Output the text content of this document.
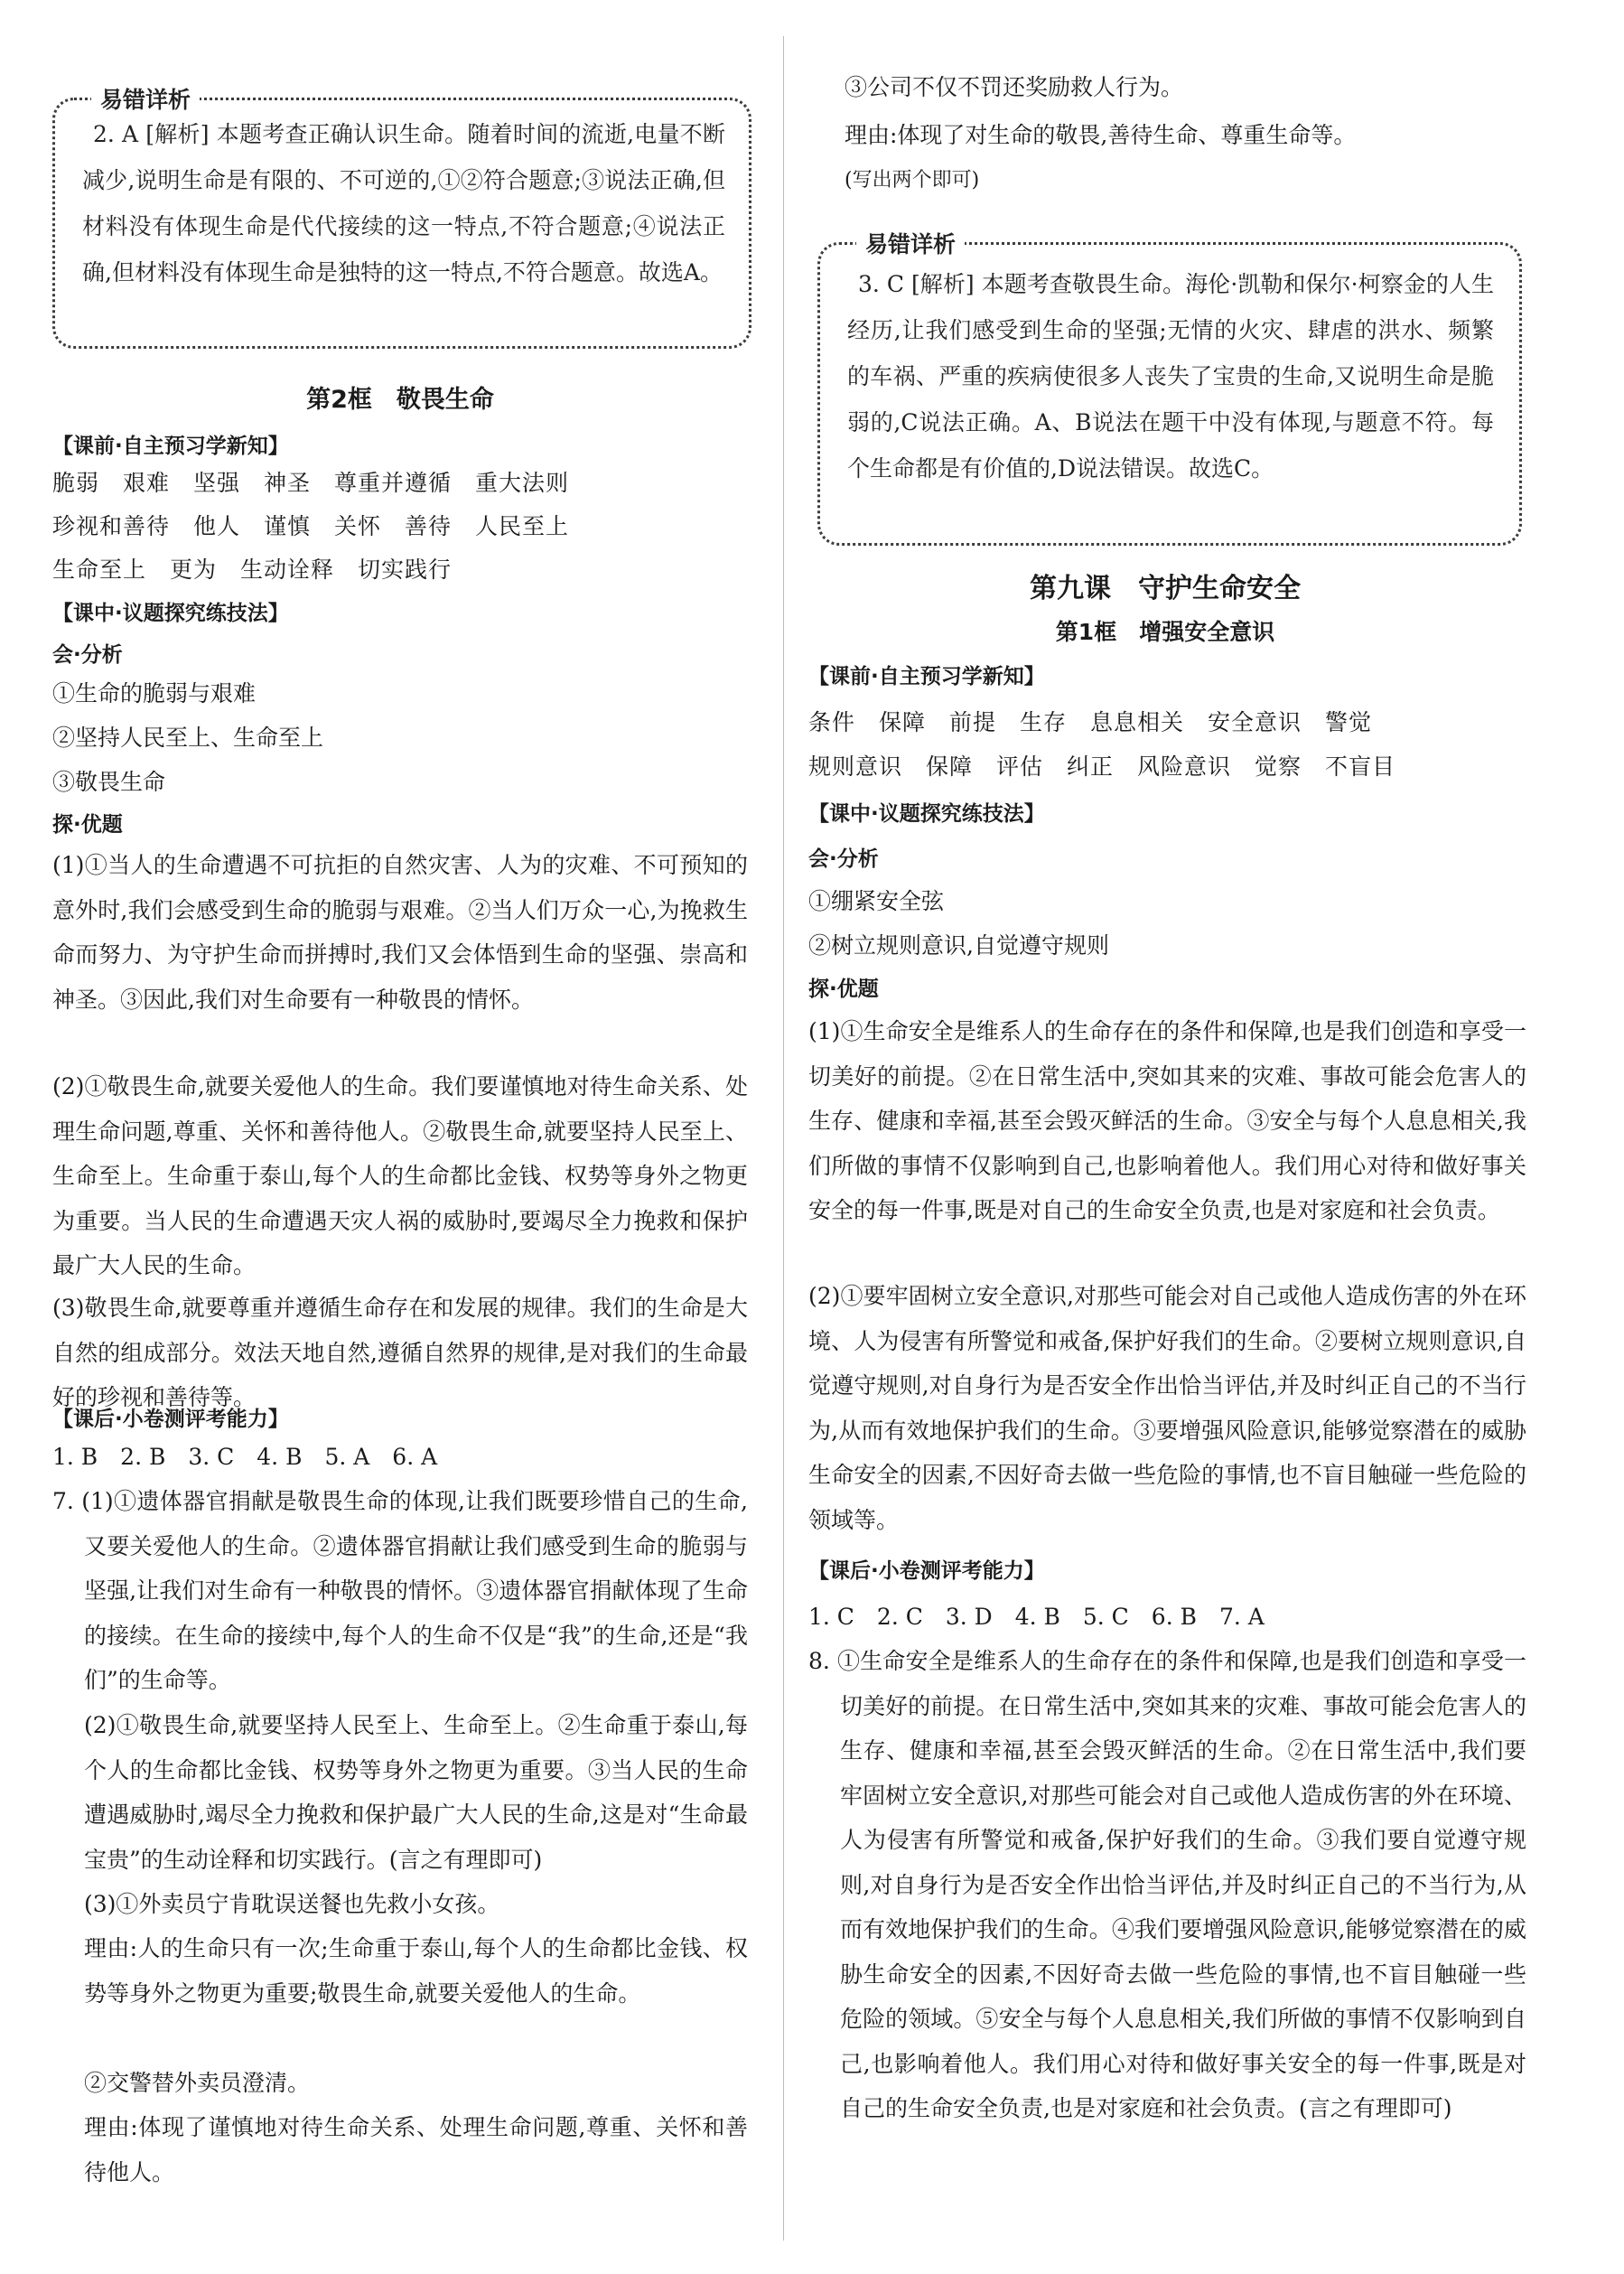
易错详析
2. A [解析] 本题考查正确认识生命。随着时间的流逝,电量不断减少,说明生命是有限的、不可逆的,①②符合题意;③说法正确,但材料没有体现生命是代代接续的这一特点,不符合题意;④说法正确,但材料没有体现生命是独特的这一特点,不符合题意。故选A。
第2框　敬畏生命
【课前·自主预习学新知】
脆弱　艰难　坚强　神圣　尊重并遵循　重大法则
珍视和善待　他人　谨慎　关怀　善待　人民至上
生命至上　更为　生动诠释　切实践行
【课中·议题探究练技法】
会·分析
①生命的脆弱与艰难
②坚持人民至上、生命至上
③敬畏生命
探·优题
(1)①当人的生命遭遇不可抗拒的自然灾害、人为的灾难、不可预知的意外时,我们会感受到生命的脆弱与艰难。②当人们万众一心,为挽救生命而努力、为守护生命而拼搏时,我们又会体悟到生命的坚强、崇高和神圣。③因此,我们对生命要有一种敬畏的情怀。
(2)①敬畏生命,就要关爱他人的生命。我们要谨慎地对待生命关系、处理生命问题,尊重、关怀和善待他人。②敬畏生命,就要坚持人民至上、生命至上。生命重于泰山,每个人的生命都比金钱、权势等身外之物更为重要。当人民的生命遭遇天灾人祸的威胁时,要竭尽全力挽救和保护最广大人民的生命。
(3)敬畏生命,就要尊重并遵循生命存在和发展的规律。我们的生命是大自然的组成部分。效法天地自然,遵循自然界的规律,是对我们的生命最好的珍视和善待等。
【课后·小卷测评考能力】
1. B　2. B　3. C　4. B　5. A　6. A
7. (1)①遗体器官捐献是敬畏生命的体现,让我们既要珍惜自己的生命,又要关爱他人的生命。②遗体器官捐献让我们感受到生命的脆弱与坚强,让我们对生命有一种敬畏的情怀。③遗体器官捐献体现了生命的接续。在生命的接续中,每个人的生命不仅是“我”的生命,还是“我们”的生命等。
(2)①敬畏生命,就要坚持人民至上、生命至上。②生命重于泰山,每个人的生命都比金钱、权势等身外之物更为重要。③当人民的生命遭遇威胁时,竭尽全力挽救和保护最广大人民的生命,这是对“生命最宝贵”的生动诠释和切实践行。(言之有理即可)
(3)①外卖员宁肯耽误送餐也先救小女孩。
理由:人的生命只有一次;生命重于泰山,每个人的生命都比金钱、权势等身外之物更为重要;敬畏生命,就要关爱他人的生命。
②交警替外卖员澄清。
理由:体现了谨慎地对待生命关系、处理生命问题,尊重、关怀和善待他人。
③公司不仅不罚还奖励救人行为。
理由:体现了对生命的敬畏,善待生命、尊重生命等。
(写出两个即可)
易错详析
3. C [解析] 本题考查敬畏生命。海伦·凯勒和保尔·柯察金的人生经历,让我们感受到生命的坚强;无情的火灾、肆虐的洪水、频繁的车祸、严重的疾病使很多人丧失了宝贵的生命,又说明生命是脆弱的,C说法正确。A、B说法在题干中没有体现,与题意不符。每个生命都是有价值的,D说法错误。故选C。
第九课　守护生命安全
第1框　增强安全意识
【课前·自主预习学新知】
条件　保障　前提　生存　息息相关　安全意识　警觉
规则意识　保障　评估　纠正　风险意识　觉察　不盲目
【课中·议题探究练技法】
会·分析
①绷紧安全弦
②树立规则意识,自觉遵守规则
探·优题
(1)①生命安全是维系人的生命存在的条件和保障,也是我们创造和享受一切美好的前提。②在日常生活中,突如其来的灾难、事故可能会危害人的生存、健康和幸福,甚至会毁灭鲜活的生命。③安全与每个人息息相关,我们所做的事情不仅影响到自己,也影响着他人。我们用心对待和做好事关安全的每一件事,既是对自己的生命安全负责,也是对家庭和社会负责。
(2)①要牢固树立安全意识,对那些可能会对自己或他人造成伤害的外在环境、人为侵害有所警觉和戒备,保护好我们的生命。②要树立规则意识,自觉遵守规则,对自身行为是否安全作出恰当评估,并及时纠正自己的不当行为,从而有效地保护我们的生命。③要增强风险意识,能够觉察潜在的威胁生命安全的因素,不因好奇去做一些危险的事情,也不盲目触碰一些危险的领域等。
【课后·小卷测评考能力】
1. C　2. C　3. D　4. B　5. C　6. B　7. A
8. ①生命安全是维系人的生命存在的条件和保障,也是我们创造和享受一切美好的前提。在日常生活中,突如其来的灾难、事故可能会危害人的生存、健康和幸福,甚至会毁灭鲜活的生命。②在日常生活中,我们要牢固树立安全意识,对那些可能会对自己或他人造成伤害的外在环境、人为侵害有所警觉和戒备,保护好我们的生命。③我们要自觉遵守规则,对自身行为是否安全作出恰当评估,并及时纠正自己的不当行为,从而有效地保护我们的生命。④我们要增强风险意识,能够觉察潜在的威胁生命安全的因素,不因好奇去做一些危险的事情,也不盲目触碰一些危险的领域。⑤安全与每个人息息相关,我们所做的事情不仅影响到自己,也影响着他人。我们用心对待和做好事关安全的每一件事,既是对自己的生命安全负责,也是对家庭和社会负责。(言之有理即可)
